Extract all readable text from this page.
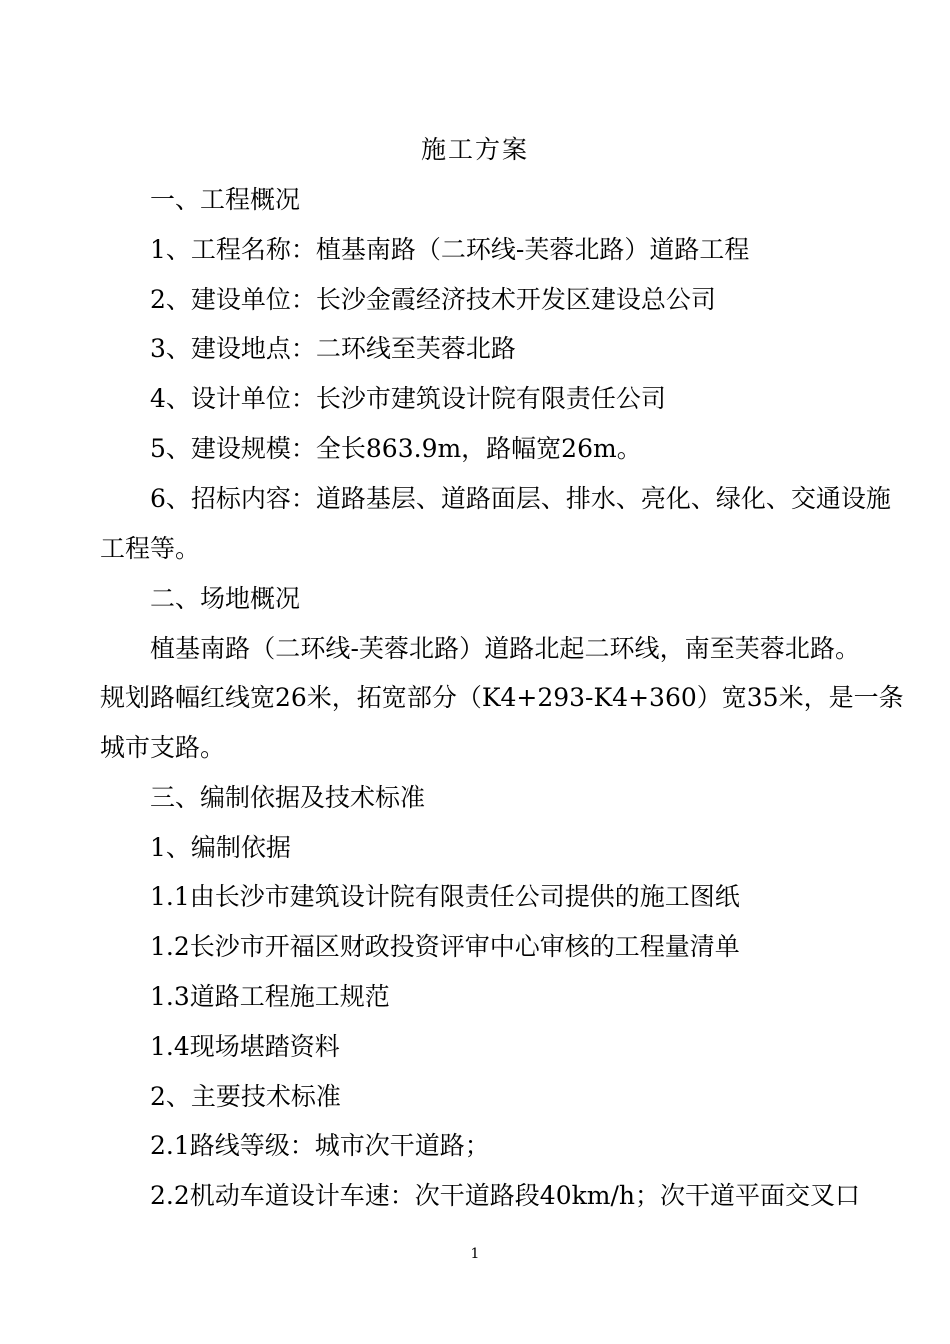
施工方案
一、工程概况
1、工程名称：植基南路（二环线-芙蓉北路）道路工程
2、建设单位：长沙金霞经济技术开发区建设总公司
3、建设地点：二环线至芙蓉北路
4、设计单位：长沙市建筑设计院有限责任公司
5、建设规模：全长863.9m，路幅宽26m。
6、招标内容：道路基层、道路面层、排水、亮化、绿化、交通设施
工程等。
二、场地概况
植基南路（二环线-芙蓉北路）道路北起二环线，南至芙蓉北路。
规划路幅红线宽26米，拓宽部分（K4+293-K4+360）宽35米，是一条
城市支路。
三、编制依据及技术标准
1、编制依据
1.1由长沙市建筑设计院有限责任公司提供的施工图纸
1.2长沙市开福区财政投资评审中心审核的工程量清单
1.3道路工程施工规范
1.4现场堪踏资料
2、主要技术标准
2.1路线等级：城市次干道路；
2.2机动车道设计车速：次干道路段40km/h；次干道平面交叉口
1
